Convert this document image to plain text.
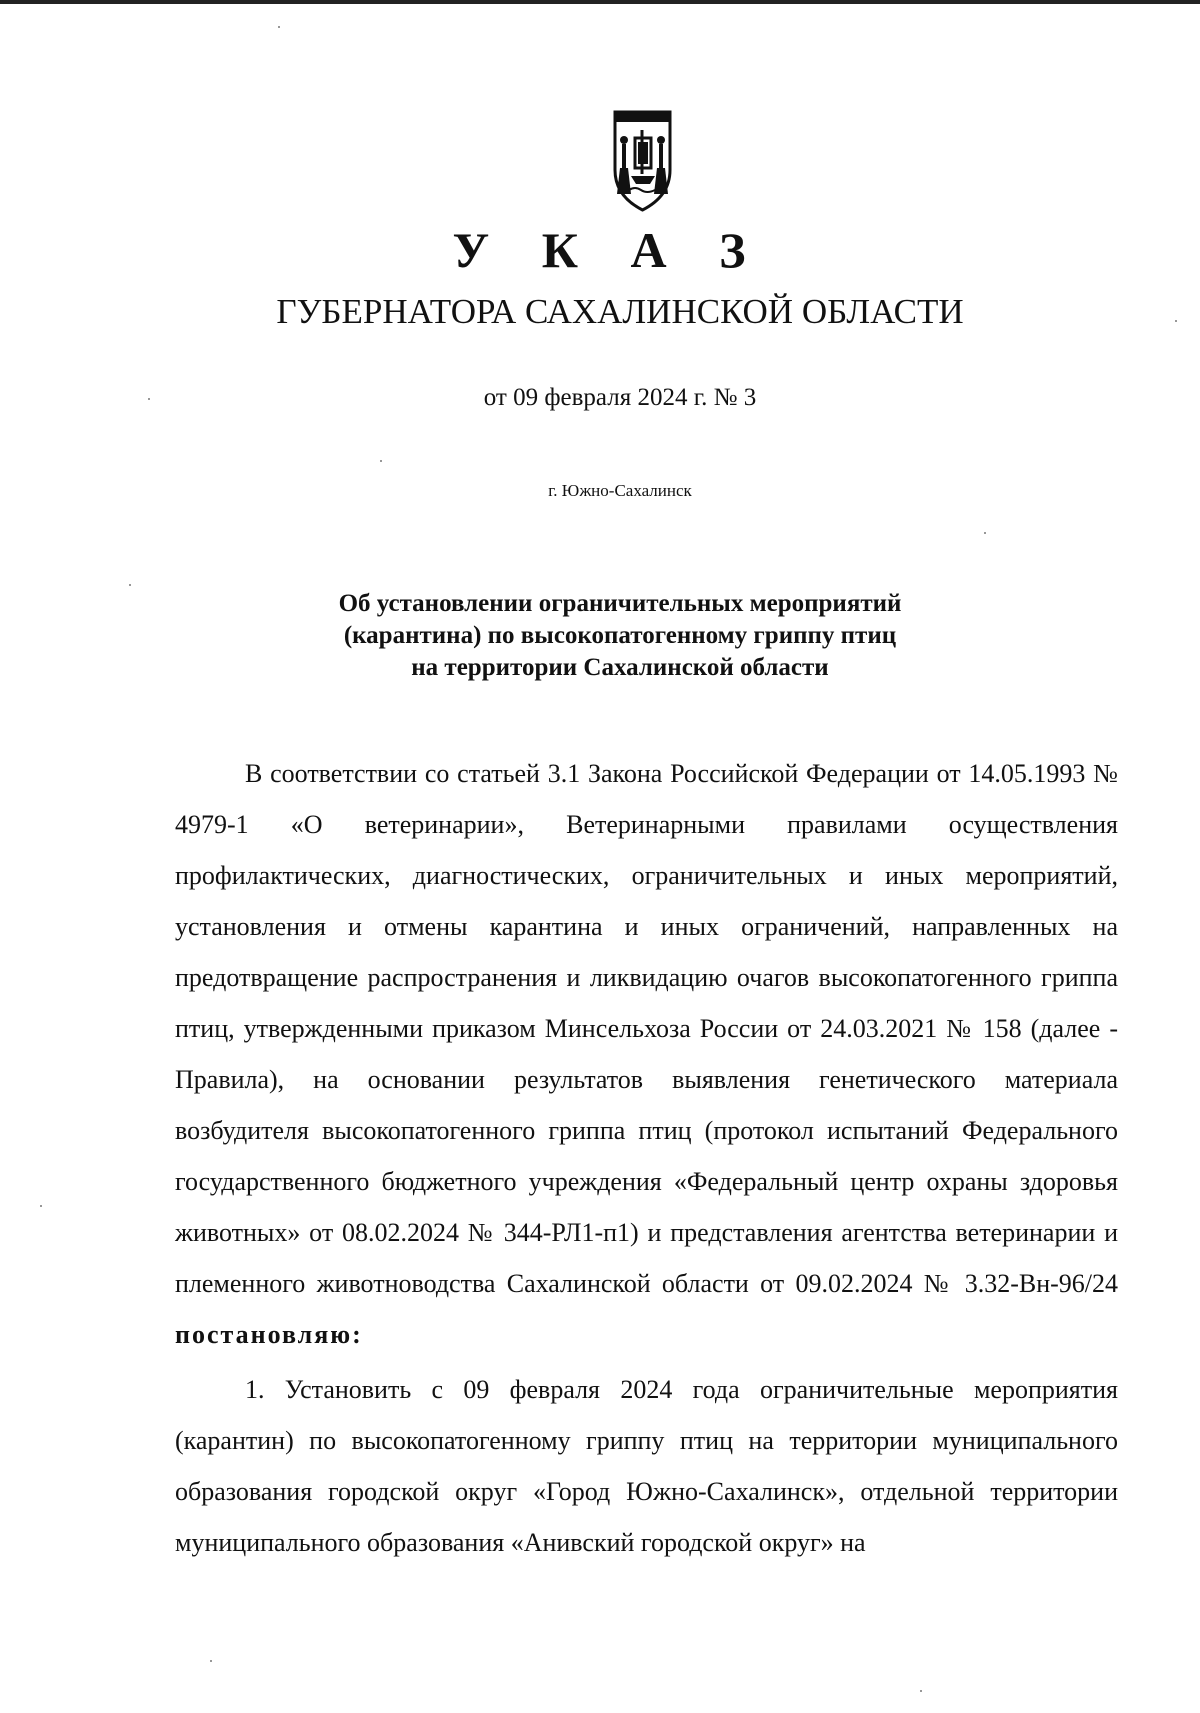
У К А З
ГУБЕРНАТОРА САХАЛИНСКОЙ ОБЛАСТИ
от 09 февраля 2024 г. № 3
г. Южно-Сахалинск
Об установлении ограничительных мероприятий
(карантина) по высокопатогенному гриппу птиц
на территории Сахалинской области

В соответствии со статьей 3.1 Закона Российской Федерации от 14.05.1993 № 4979-1 «О ветеринарии», Ветеринарными правилами осуществления профилактических, диагностических, ограничительных и иных мероприятий, установления и отмены карантина и иных ограничений, направленных на предотвращение распространения и ликвидацию очагов высокопатогенного гриппа птиц, утвержденными приказом Минсельхоза России от 24.03.2021 № 158 (далее - Правила), на основании результатов выявления генетического материала возбудителя высокопатогенного гриппа птиц (протокол испытаний Федерального государственного бюджетного учреждения «Федеральный центр охраны здоровья животных» от 08.02.2024 № 344-РЛ1-п1) и представления агентства ветеринарии и племенного животноводства Сахалинской области от 09.02.2024 № 3.32-Вн-96/24 постановляю:

1. Установить с 09 февраля 2024 года ограничительные мероприятия (карантин) по высокопатогенному гриппу птиц на территории муниципального образования городской округ «Город Южно-Сахалинск», отдельной территории муниципального образования «Анивский городской округ» на
